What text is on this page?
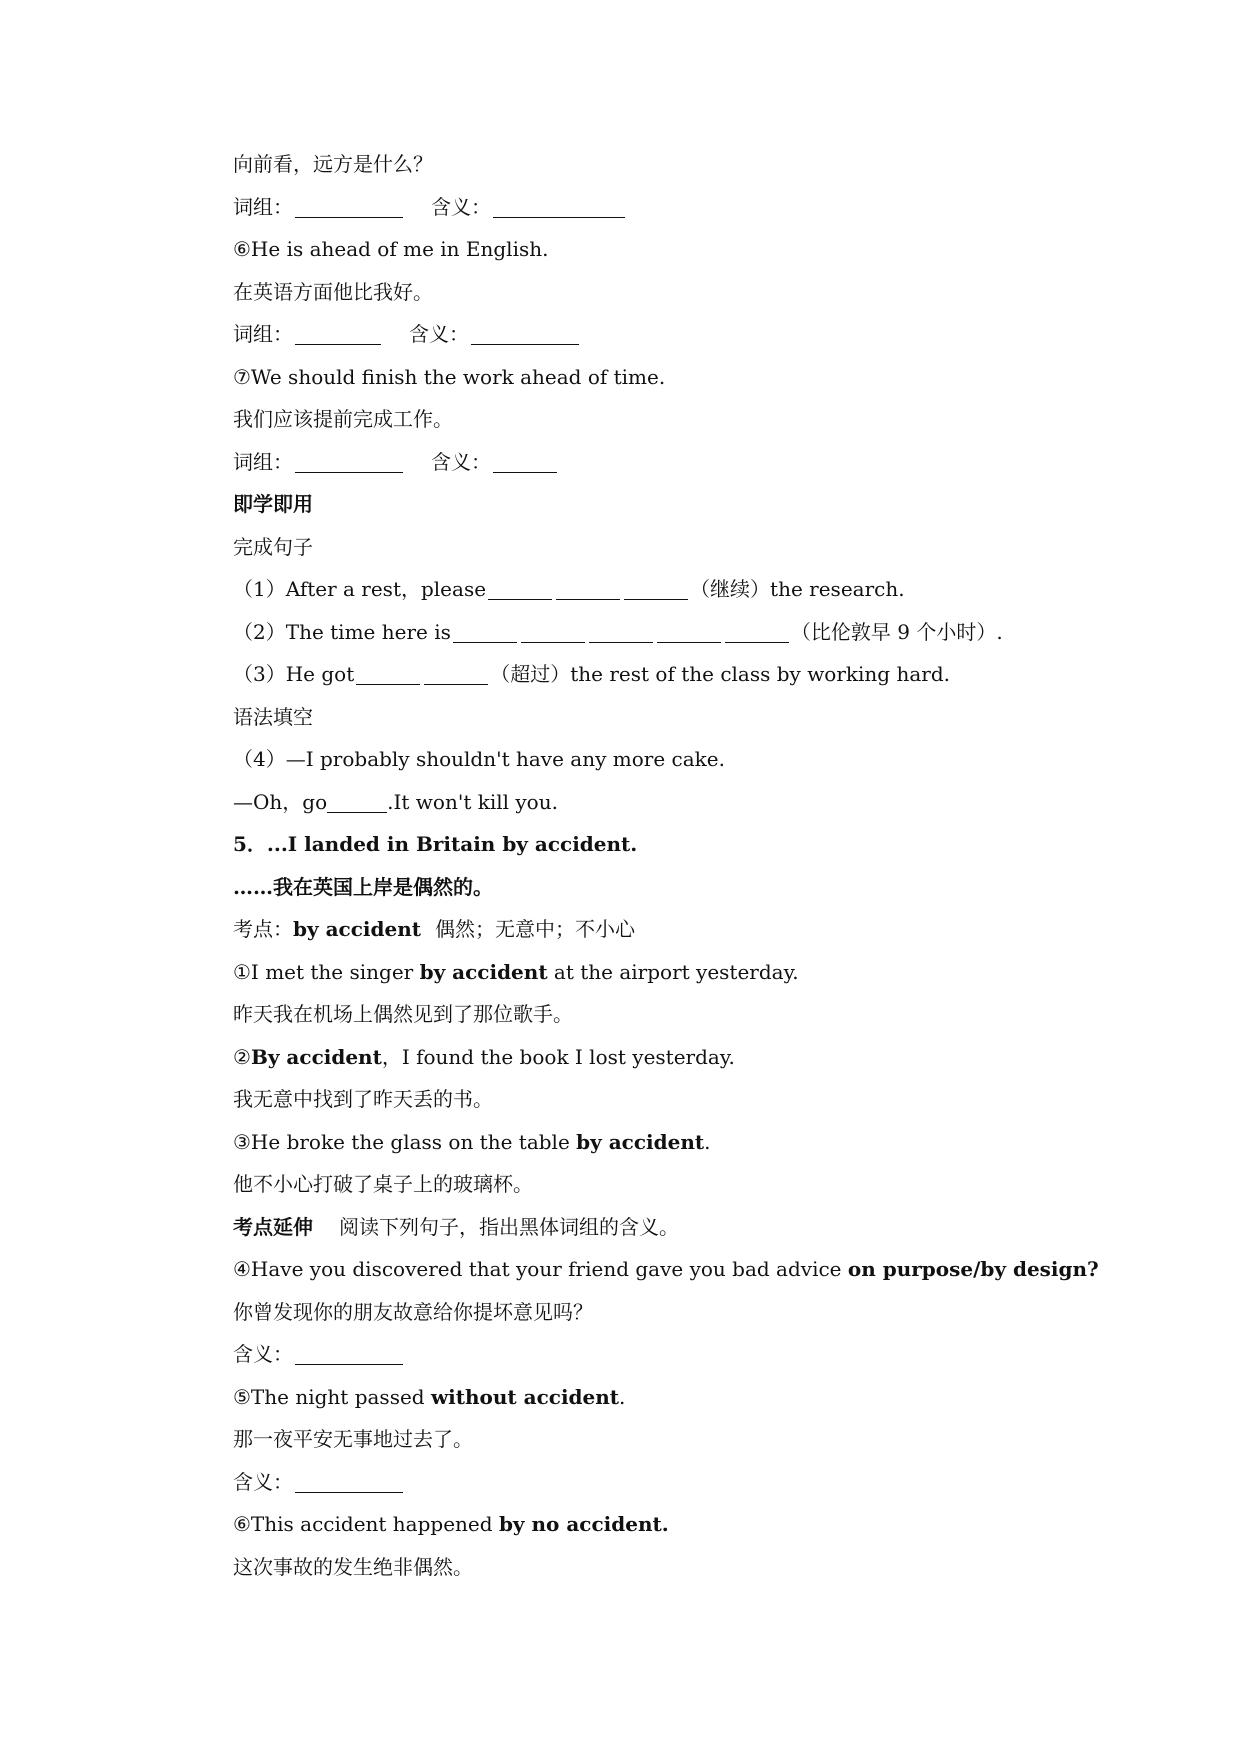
向前看，远方是什么？

词组：	含义：

⑥He is ahead of me in English.

在英语方面他比我好。

词组：	含义：

⑦We should finish the work ahead of time.

我们应该提前完成工作。

词组：	含义：

即学即用

完成句子

（1）After a rest，please	（继续）the research.

（2）The time here is	（比伦敦早 9 个小时）.

（3）He got	（超过）the rest of the class by working hard.

语法填空

（4）—I probably shouldn't have any more cake.

—Oh，go	.It won't kill you.

5．...I landed in Britain by accident.

……我在英国上岸是偶然的。

考点：by accident 偶然；无意中；不小心

①I met the singer by accident at the airport yesterday.

昨天我在机场上偶然见到了那位歌手。

②By accident，I found the book I lost yesterday.

我无意中找到了昨天丢的书。

③He broke the glass on the table by accident.

他不小心打破了桌子上的玻璃杯。

考点延伸 阅读下列句子，指出黑体词组的含义。

④Have you discovered that your friend gave you bad advice on purpose/by design?

你曾发现你的朋友故意给你提坏意见吗？

含义：

⑤The night passed without accident.

那一夜平安无事地过去了。

含义：

⑥This accident happened by no accident.

这次事故的发生绝非偶然。
